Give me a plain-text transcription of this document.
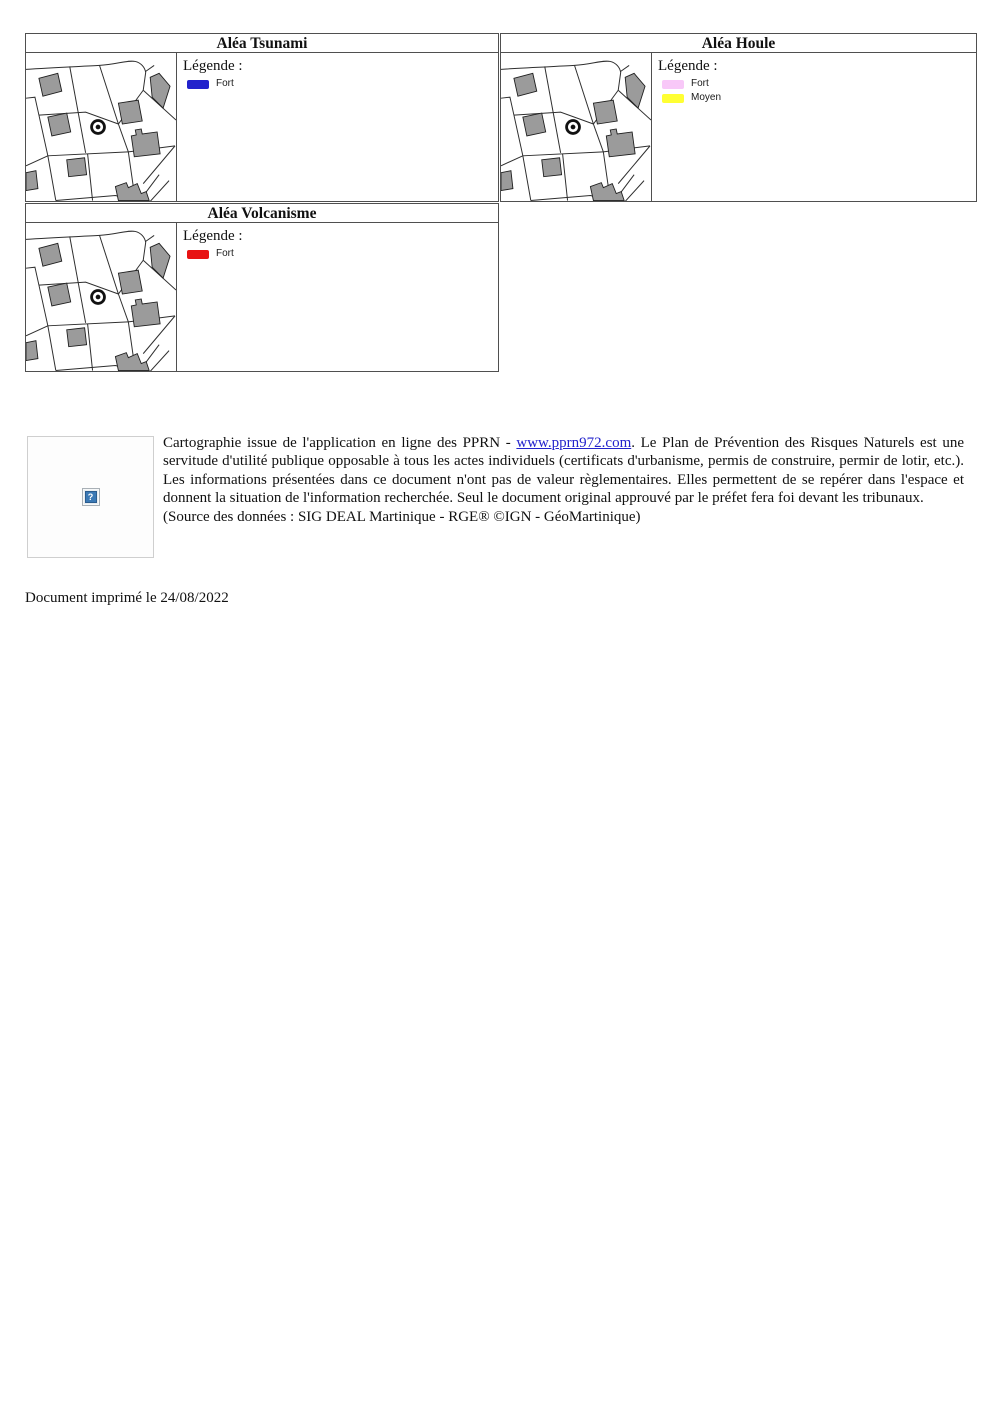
Aléa Tsunami
Légende :
Fort
Aléa Houle
Légende :
Fort
Moyen
Aléa Volcanisme
Légende :
Fort
?
Cartographie issue de l'application en ligne des PPRN - www.pprn972.com. Le Plan de Prévention des Risques Naturels est une servitude d'utilité publique opposable à tous les actes individuels (certificats d'urbanisme, permis de construire, permir de lotir, etc.). Les informations présentées dans ce document n'ont pas de valeur règlementaires. Elles permettent de se repérer dans l'espace et donnent la situation de l'information recherchée. Seul le document original approuvé par le préfet fera foi devant les tribunaux.
(Source des données : SIG DEAL Martinique - RGE® ©IGN - GéoMartinique)
Document imprimé le 24/08/2022
